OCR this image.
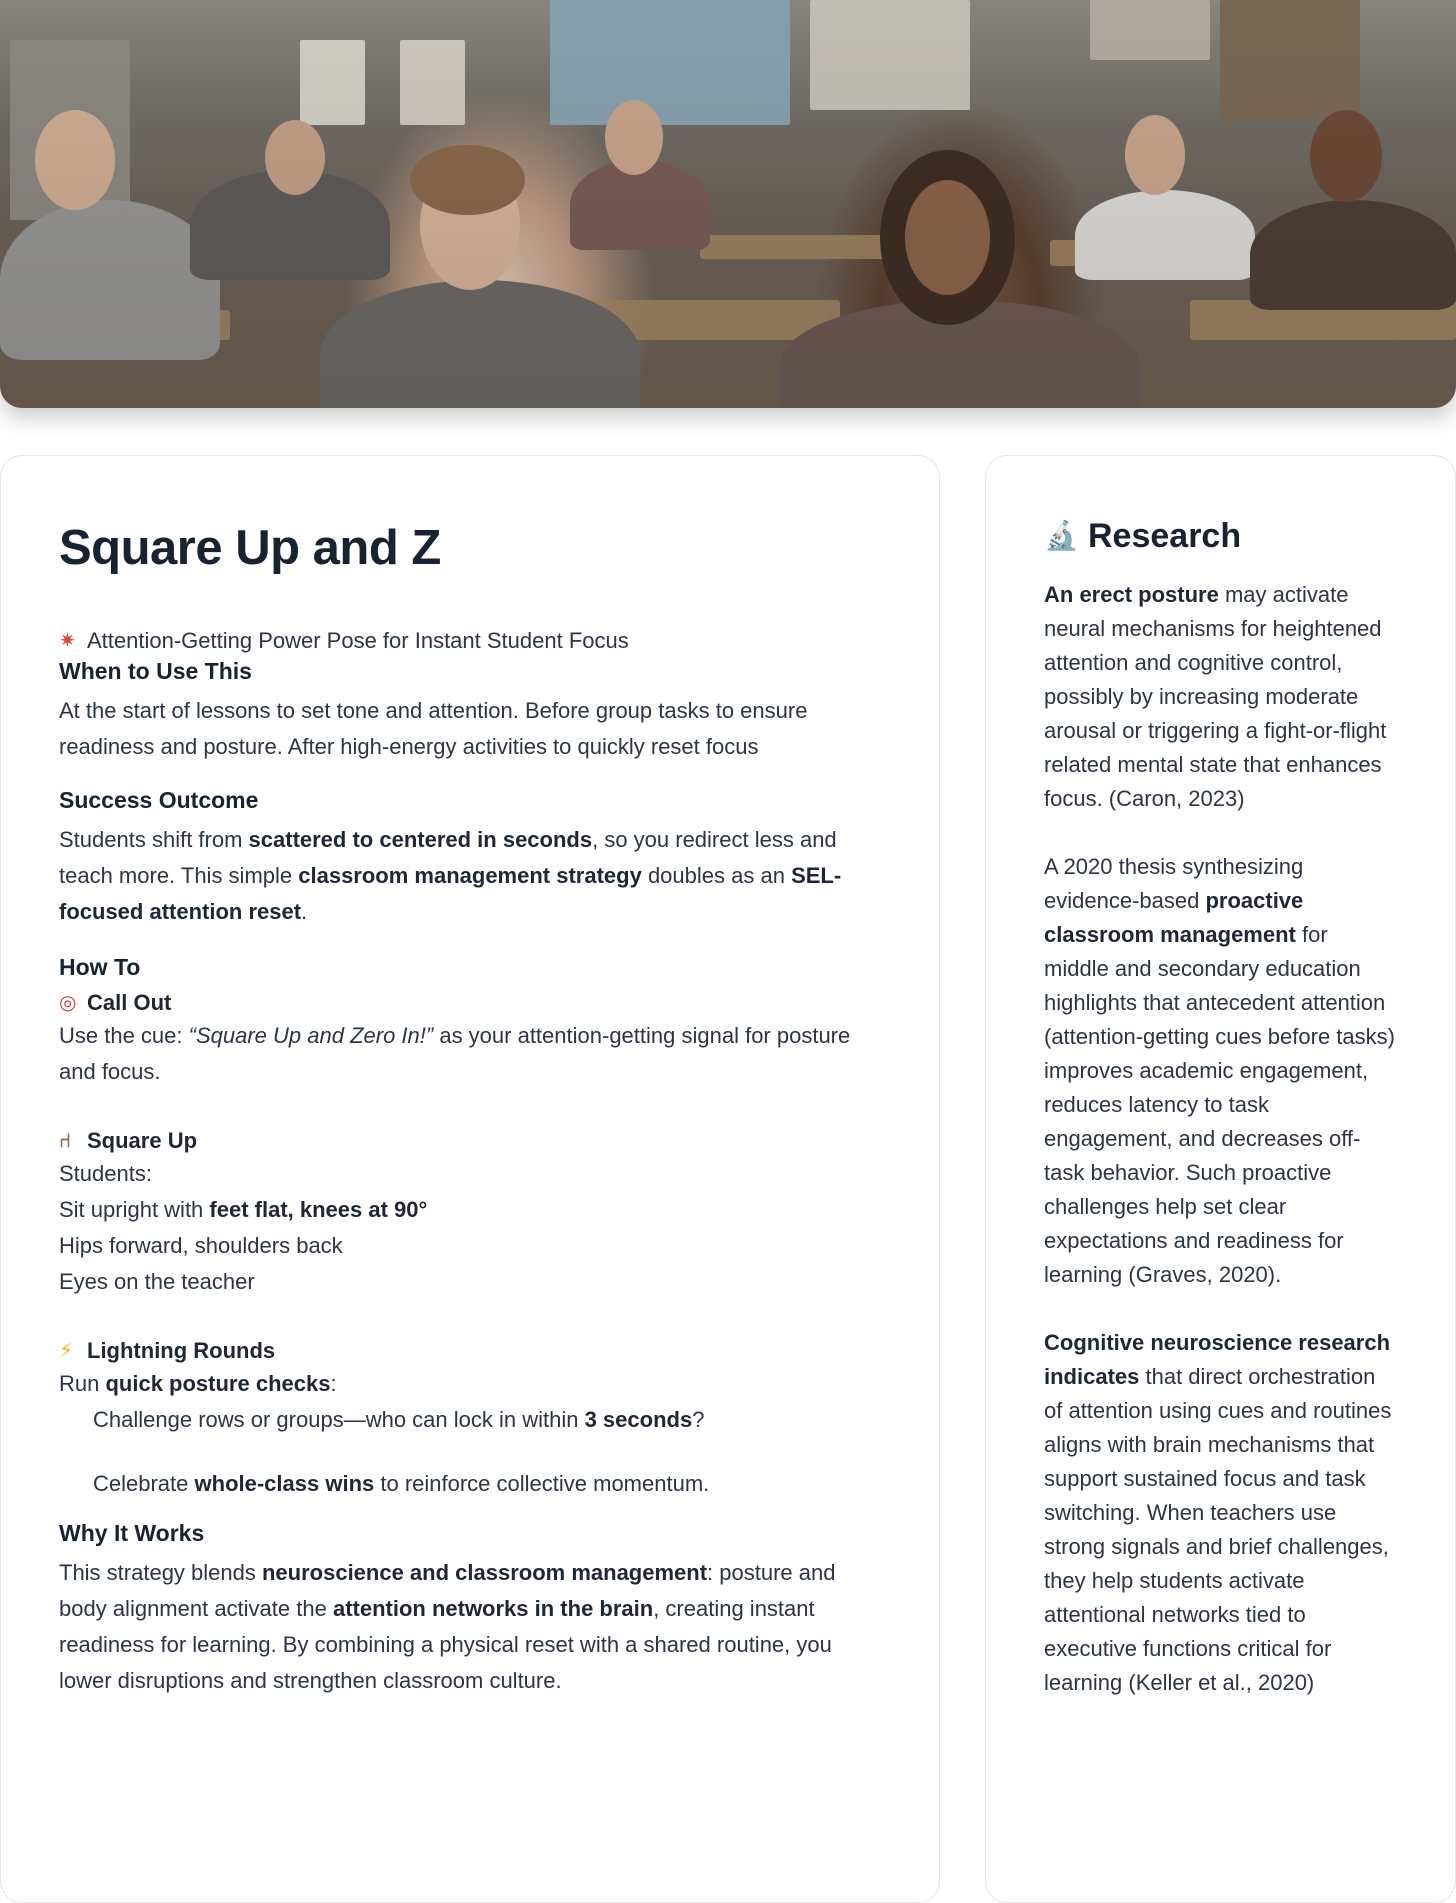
Square Up and Z
✷ Attention-Getting Power Pose for Instant Student Focus
When to Use This

At the start of lessons to set tone and attention. Before group tasks to ensure readiness and posture. After high-energy activities to quickly reset focus

Success Outcome

Students shift from scattered to centered in seconds, so you redirect less and teach more. This simple classroom management strategy doubles as an SEL-focused attention reset.

How To
◎ Call Out

Use the cue: “Square Up and Zero In!” as your attention-getting signal for posture and focus.

⑁ Square Up
Students:
Sit upright with feet flat, knees at 90°
Hips forward, shoulders back
Eyes on the teacher
⚡ Lightning Rounds
Run quick posture checks:
Challenge rows or groups—who can lock in within 3 seconds?
Celebrate whole-class wins to reinforce collective momentum.
Why It Works

This strategy blends neuroscience and classroom management: posture and body alignment activate the attention networks in the brain, creating instant readiness for learning. By combining a physical reset with a shared routine, you lower disruptions and strengthen classroom culture.

🔬 Research

An erect posture may activate neural mechanisms for heightened attention and cognitive control, possibly by increasing moderate arousal or triggering a fight-or-flight related mental state that enhances focus. (Caron, 2023)

A 2020 thesis synthesizing evidence-based proactive classroom management for middle and secondary education highlights that antecedent attention (attention-getting cues before tasks) improves academic engagement, reduces latency to task engagement, and decreases off-task behavior. Such proactive challenges help set clear expectations and readiness for learning (Graves, 2020).

Cognitive neuroscience research indicates that direct orchestration of attention using cues and routines aligns with brain mechanisms that support sustained focus and task switching. When teachers use strong signals and brief challenges, they help students activate attentional networks tied to executive functions critical for learning (Keller et al., 2020)
